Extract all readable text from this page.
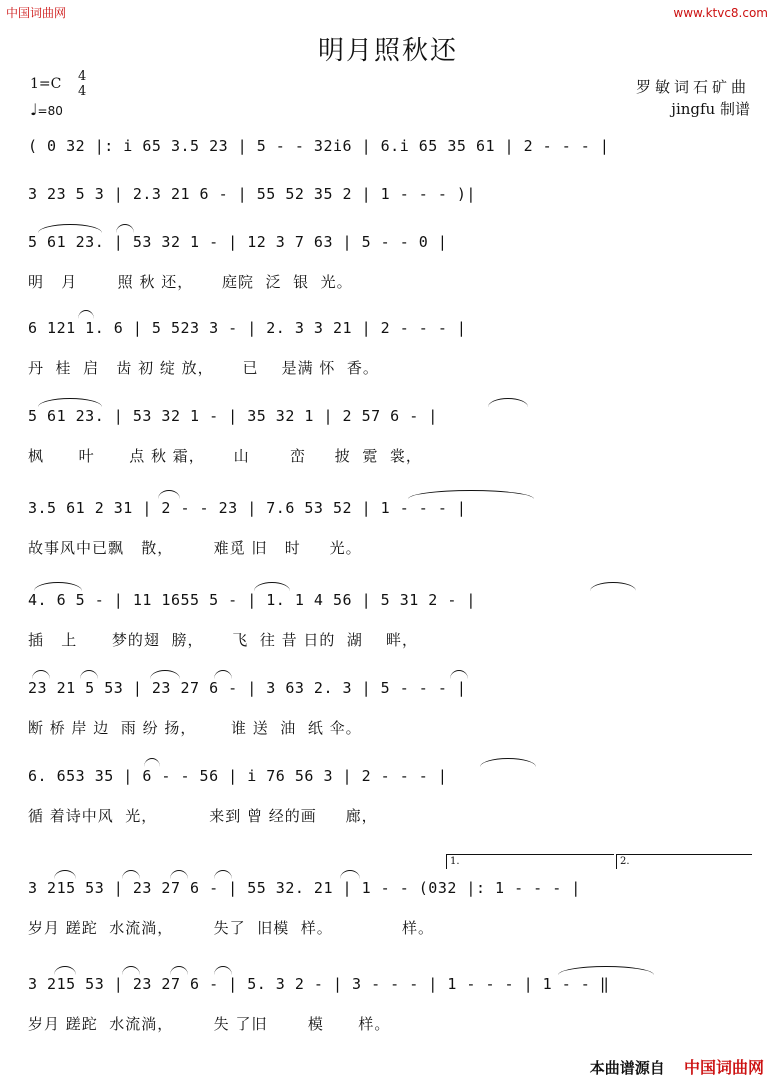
中国词曲网	www.ktvc8.com
明月照秋还
1=C 4
4
♩=80
罗敏词石矿曲
jingfu 制谱
( 0 32 |: i 65 3.5 23 | 5 - - 32i6 | 6.i 65 35 61 | 2 - - - |
3 23 5 3 | 2.3 21 6 - | 55 52 35 2 | 1 - - - )|
5 61 23. | 53 32 1 - | 12 3 7 63 | 5 - - 0 |
明   月       照 秋 还，     庭院  泛  银  光。
6 121 1. 6 | 5 523 3 - | 2. 3 3 21 | 2 - - - |
丹  桂  启   齿 初 绽 放，     已    是满 怀  香。
5 61 23. | 53 32 1 - | 35 32 1 | 2 57 6 - |
枫      叶      点 秋 霜，     山       峦     披  霓  裳，
3.5 61 2 31 | 2 - - 23 | 7.6 53 52 | 1 - - - |
故事风中已飘   散，       难觅 旧   时     光。
4. 6 5 - | 11 1655 5 - | 1. 1 4 56 | 5 31 2 - |
插   上      梦的翅  膀，     飞  往 昔 日的  湖    畔，
23 21 5 53 | 23 27 6 - | 3 63 2. 3 | 5 - - - |
断 桥 岸 边  雨 纷 扬，      谁 送  油  纸 伞。
6. 653 35 | 6 - - 56 | i 76 56 3 | 2 - - - |
循 着诗中风  光，         来到 曾 经的画     廊，
1.	2.
3 215 53 | 23 27 6 - | 55 32. 21 | 1 - - (032 |: 1 - - - |
岁月 蹉跎  水流淌，       失了  旧模  样。            样。
3 215 53 | 23 27 6 - | 5. 3 2 - | 3 - - - | 1 - - - | 1 - - ‖
岁月 蹉跎  水流淌，       失 了旧       模      样。
本曲谱源自 中国词曲网
